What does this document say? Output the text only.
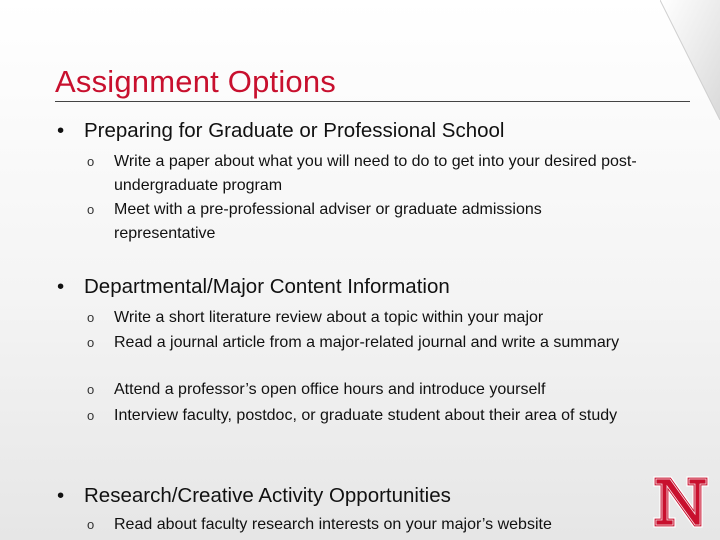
Assignment Options
• Preparing for Graduate or Professional School
o Write a paper about what you will need to do to get into your desired post-undergraduate program
o Meet with a pre-professional adviser or graduate admissions representative
• Departmental/Major Content Information
o Write a short literature review about a topic within your major
o Read a journal article from a major-related journal and write a summary
o Attend a professor’s open office hours and introduce yourself
o Interview faculty, postdoc, or graduate student about their area of study
• Research/Creative Activity Opportunities
o Read about faculty research interests on your major’s website
